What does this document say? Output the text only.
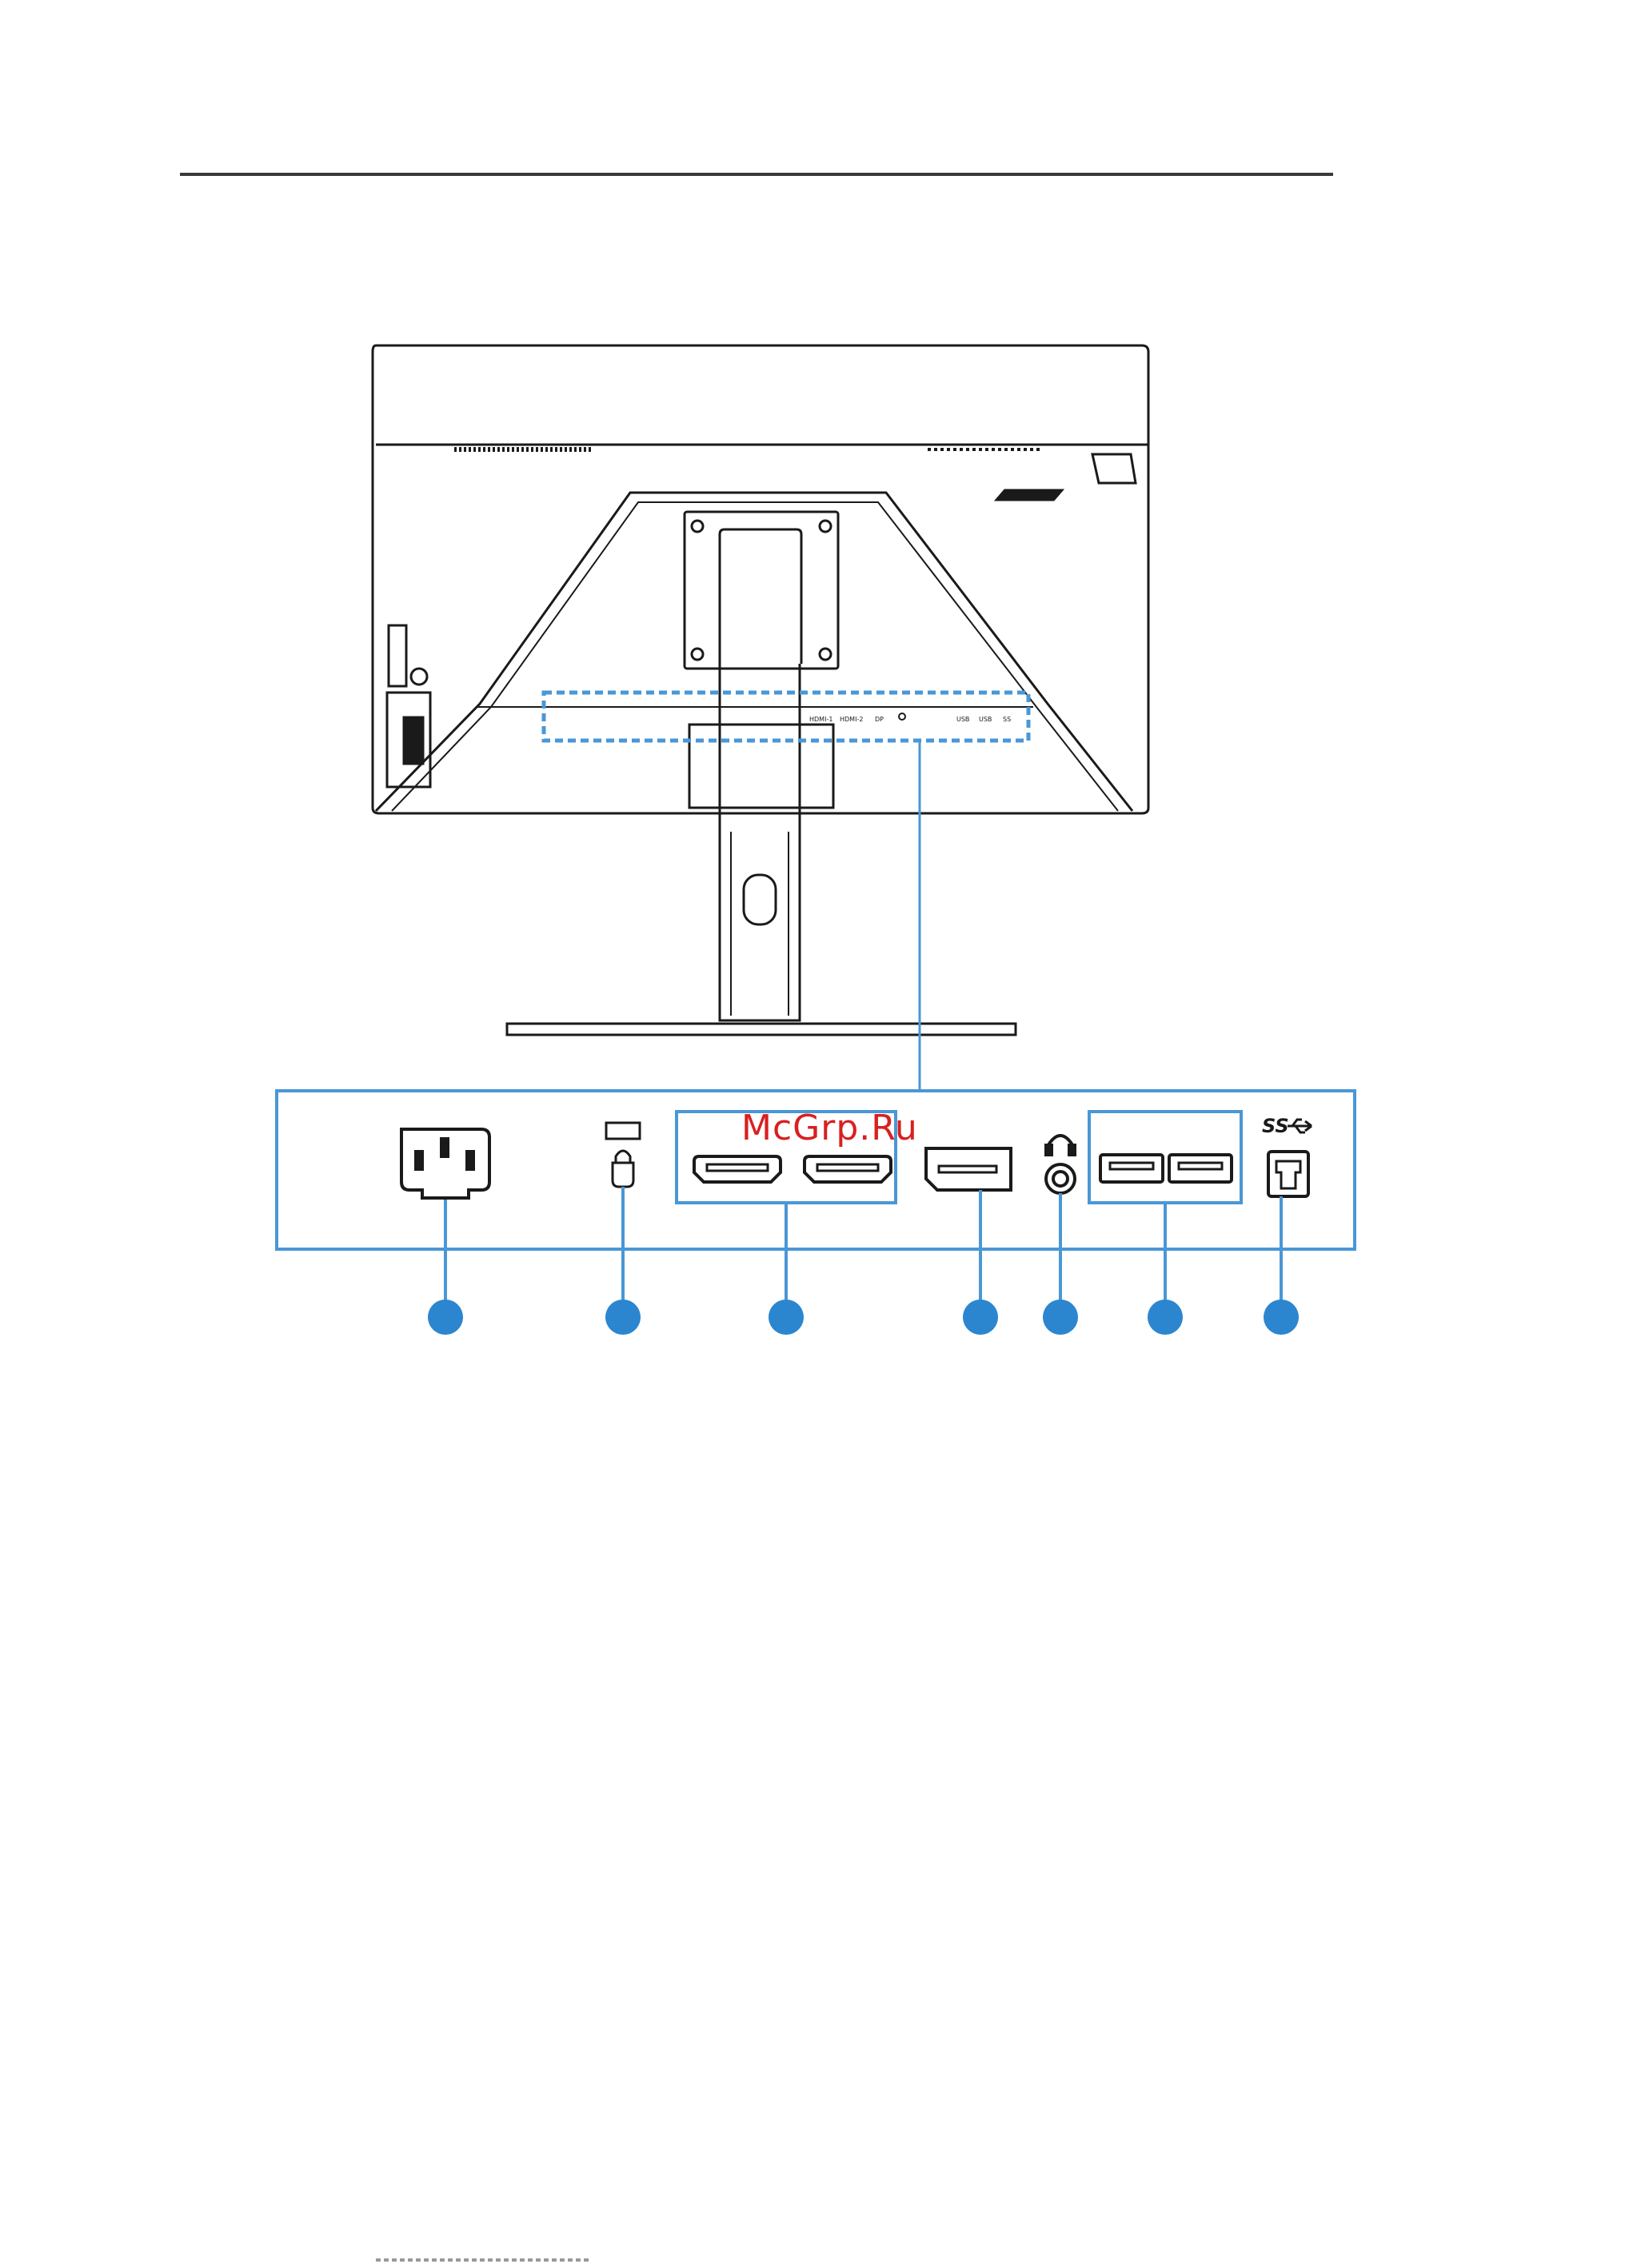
HDMI-1 HDMI-2 DP	USB USB SS
SS
McGrp.Ru
